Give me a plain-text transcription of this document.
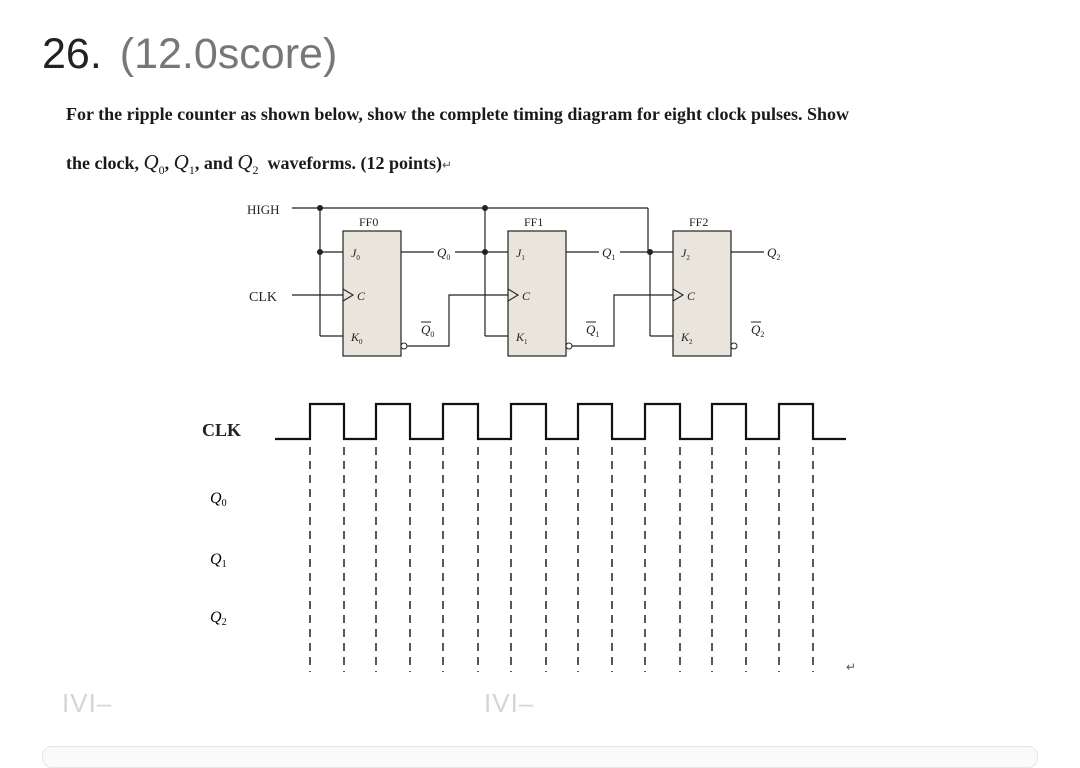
26. (12.0score)
For the ripple counter as shown below, show the complete timing diagram for eight clock pulses. Show
the clock, $Q_0$, $Q_1$, and $Q_2$ waveforms. (12 points)↵
HIGH
CLK
FF0
$J_0$
$K_0$
C
$Q_0$
$Q_0$
FF1
$J_1$
$K_1$
C
$Q_1$
$Q_1$
FF2
$J_2$
$K_2$
C
$Q_2$
$Q_2$
CLK
Q0
Q1
Q2
IVI–	IVI–
↵
